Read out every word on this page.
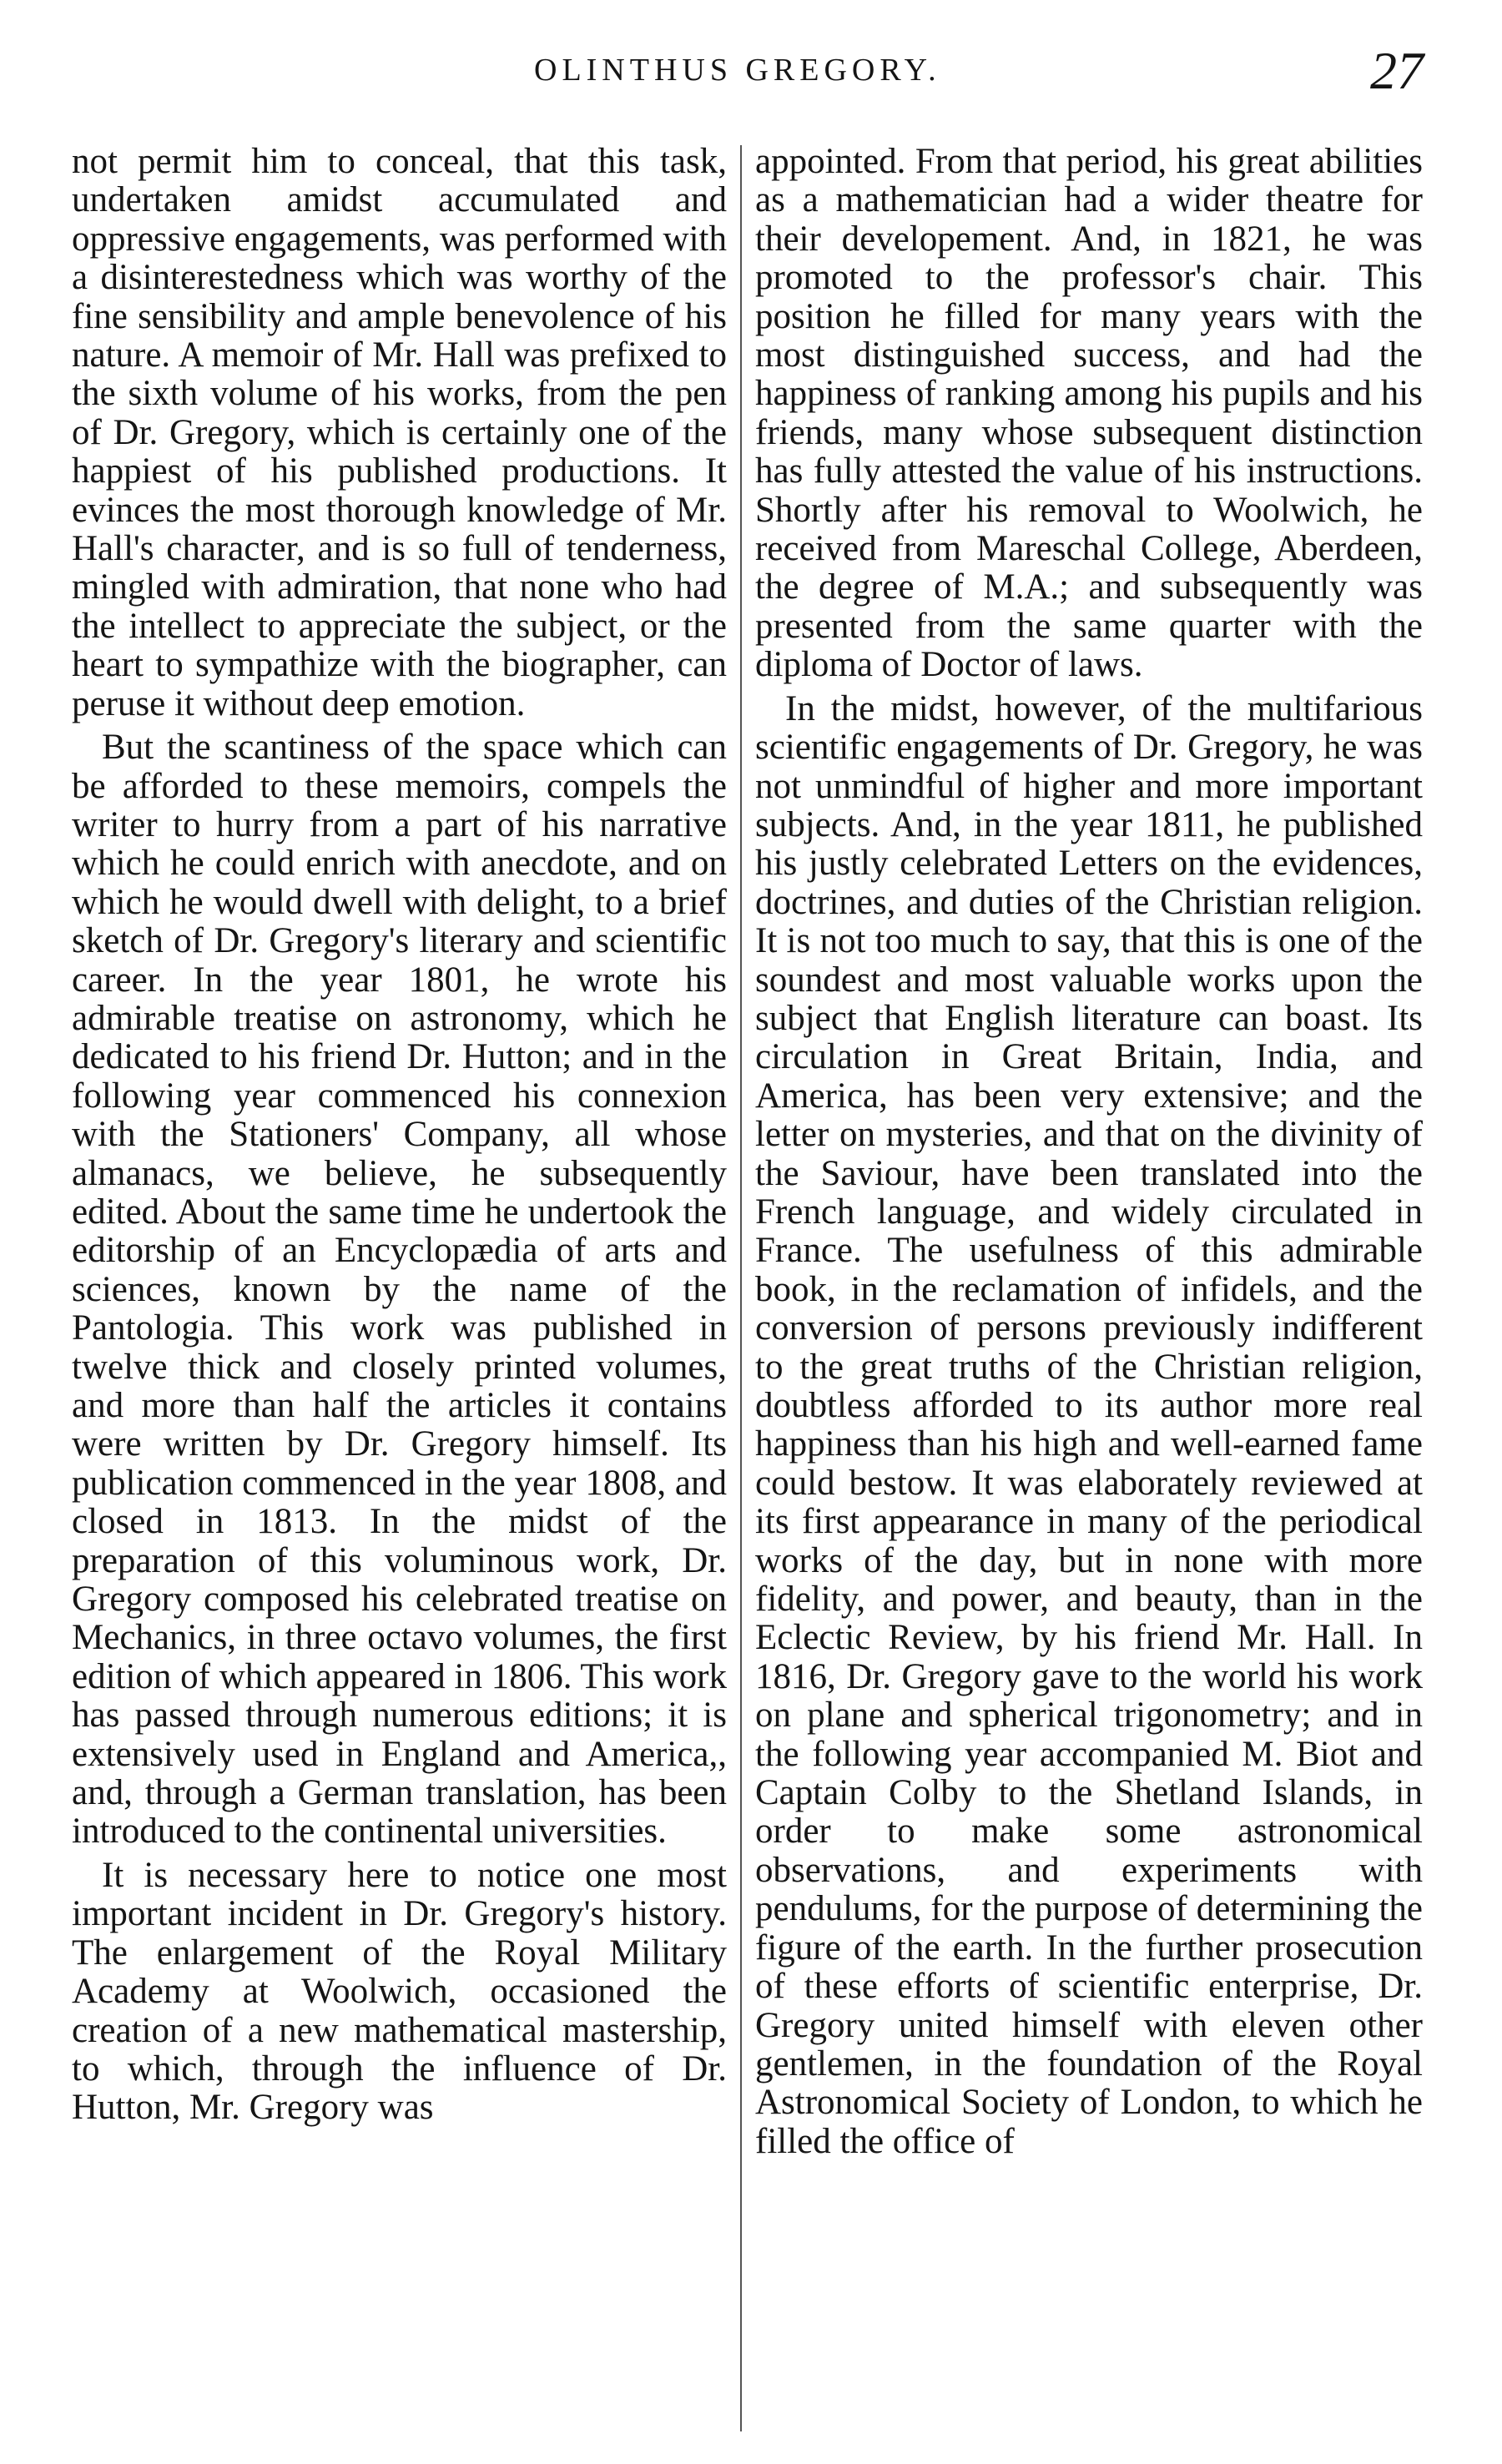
OLINTHUS GREGORY.	27

not permit him to conceal, that this task, undertaken amidst accumulated and oppressive engagements, was performed with a disinterestedness which was worthy of the fine sensibility and ample benevolence of his nature. A memoir of Mr. Hall was prefixed to the sixth volume of his works, from the pen of Dr. Gregory, which is certainly one of the happiest of his published productions. It evinces the most thorough knowledge of Mr. Hall's character, and is so full of tenderness, mingled with admiration, that none who had the intellect to appreciate the subject, or the heart to sympathize with the biographer, can peruse it without deep emotion.

But the scantiness of the space which can be afforded to these memoirs, compels the writer to hurry from a part of his narrative which he could enrich with anecdote, and on which he would dwell with delight, to a brief sketch of Dr. Gregory's literary and scientific career. In the year 1801, he wrote his admirable treatise on astronomy, which he dedicated to his friend Dr. Hutton; and in the following year commenced his connexion with the Stationers' Company, all whose almanacs, we believe, he subsequently edited. About the same time he undertook the editorship of an Encyclopædia of arts and sciences, known by the name of the Pantologia. This work was published in twelve thick and closely printed volumes, and more than half the articles it contains were written by Dr. Gregory himself. Its publication commenced in the year 1808, and closed in 1813. In the midst of the preparation of this voluminous work, Dr. Gregory composed his celebrated treatise on Mechanics, in three octavo volumes, the first edition of which appeared in 1806. This work has passed through numerous editions; it is extensively used in England and America,, and, through a German translation, has been introduced to the continental universities.

It is necessary here to notice one most important incident in Dr. Gregory's history. The enlargement of the Royal Military Academy at Woolwich, occasioned the creation of a new mathematical mastership, to which, through the influence of Dr. Hutton, Mr. Gregory was

appointed. From that period, his great abilities as a mathematician had a wider theatre for their developement. And, in 1821, he was promoted to the professor's chair. This position he filled for many years with the most distinguished success, and had the happiness of ranking among his pupils and his friends, many whose subsequent distinction has fully attested the value of his instructions. Shortly after his removal to Woolwich, he received from Mareschal College, Aberdeen, the degree of M.A.; and subsequently was presented from the same quarter with the diploma of Doctor of laws.

In the midst, however, of the multifarious scientific engagements of Dr. Gregory, he was not unmindful of higher and more important subjects. And, in the year 1811, he published his justly celebrated Letters on the evidences, doctrines, and duties of the Christian religion. It is not too much to say, that this is one of the soundest and most valuable works upon the subject that English literature can boast. Its circulation in Great Britain, India, and America, has been very extensive; and the letter on mysteries, and that on the divinity of the Saviour, have been translated into the French language, and widely circulated in France. The usefulness of this admirable book, in the reclamation of infidels, and the conversion of persons previously indifferent to the great truths of the Christian religion, doubtless afforded to its author more real happiness than his high and well-earned fame could bestow. It was elaborately reviewed at its first appearance in many of the periodical works of the day, but in none with more fidelity, and power, and beauty, than in the Eclectic Review, by his friend Mr. Hall. In 1816, Dr. Gregory gave to the world his work on plane and spherical trigonometry; and in the following year accompanied M. Biot and Captain Colby to the Shetland Islands, in order to make some astronomical observations, and experiments with pendulums, for the purpose of determining the figure of the earth. In the further prosecution of these efforts of scientific enterprise, Dr. Gregory united himself with eleven other gentlemen, in the foundation of the Royal Astronomical Society of London, to which he filled the office of
